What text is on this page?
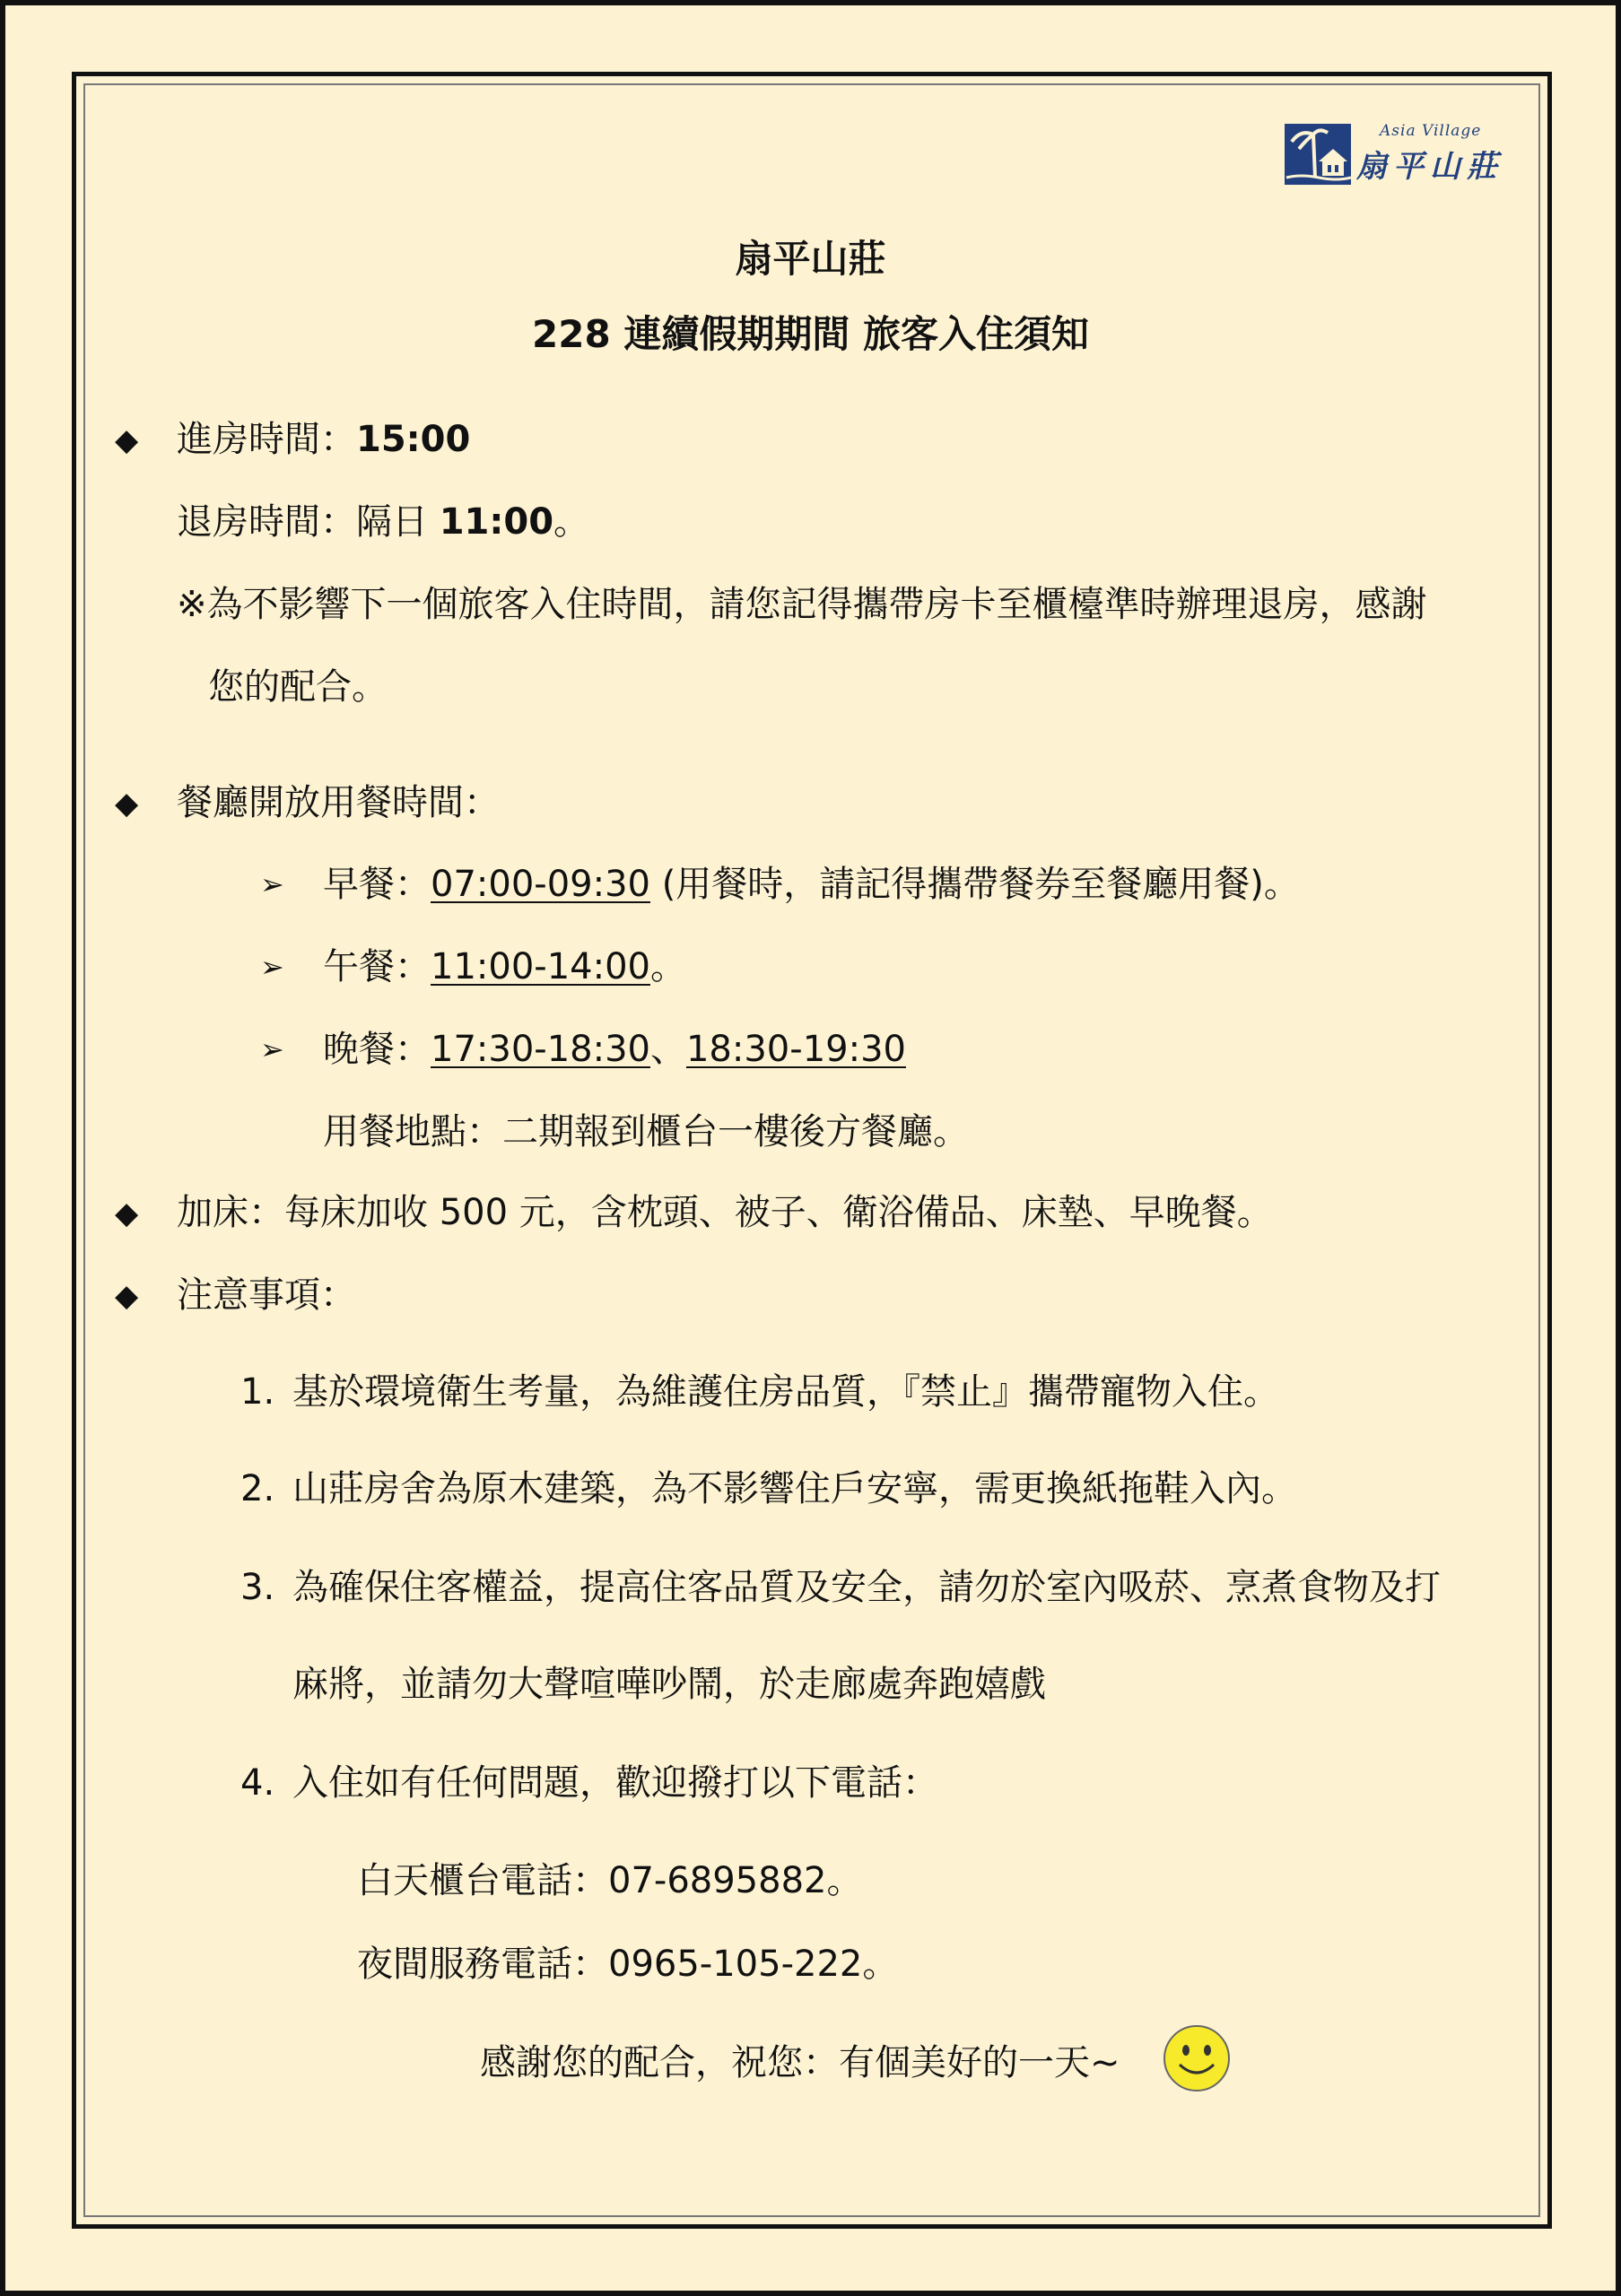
Asia Village
扇平山莊
扇平山莊
228 連續假期期間 旅客入住須知
◆ 進房時間：15:00
退房時間：隔日 11:00。
※為不影響下一個旅客入住時間，請您記得攜帶房卡至櫃檯準時辦理退房，感謝
您的配合。
◆ 餐廳開放用餐時間：
➢ 早餐：07:00-09:30 (用餐時，請記得攜帶餐券至餐廳用餐)。
➢ 午餐：11:00-14:00。
➢ 晚餐：17:30-18:30、18:30-19:30
用餐地點：二期報到櫃台一樓後方餐廳。
◆ 加床：每床加收 500 元，含枕頭、被子、衛浴備品、床墊、早晚餐。
◆ 注意事項：
1. 基於環境衛生考量，為維護住房品質，『禁止』攜帶寵物入住。
2. 山莊房舍為原木建築，為不影響住戶安寧，需更換紙拖鞋入內。
3. 為確保住客權益，提高住客品質及安全，請勿於室內吸菸、烹煮食物及打
麻將，並請勿大聲喧嘩吵鬧，於走廊處奔跑嬉戲
4. 入住如有任何問題，歡迎撥打以下電話：
白天櫃台電話：07-6895882。
夜間服務電話：0965-105-222。
感謝您的配合，祝您：有個美好的一天~
